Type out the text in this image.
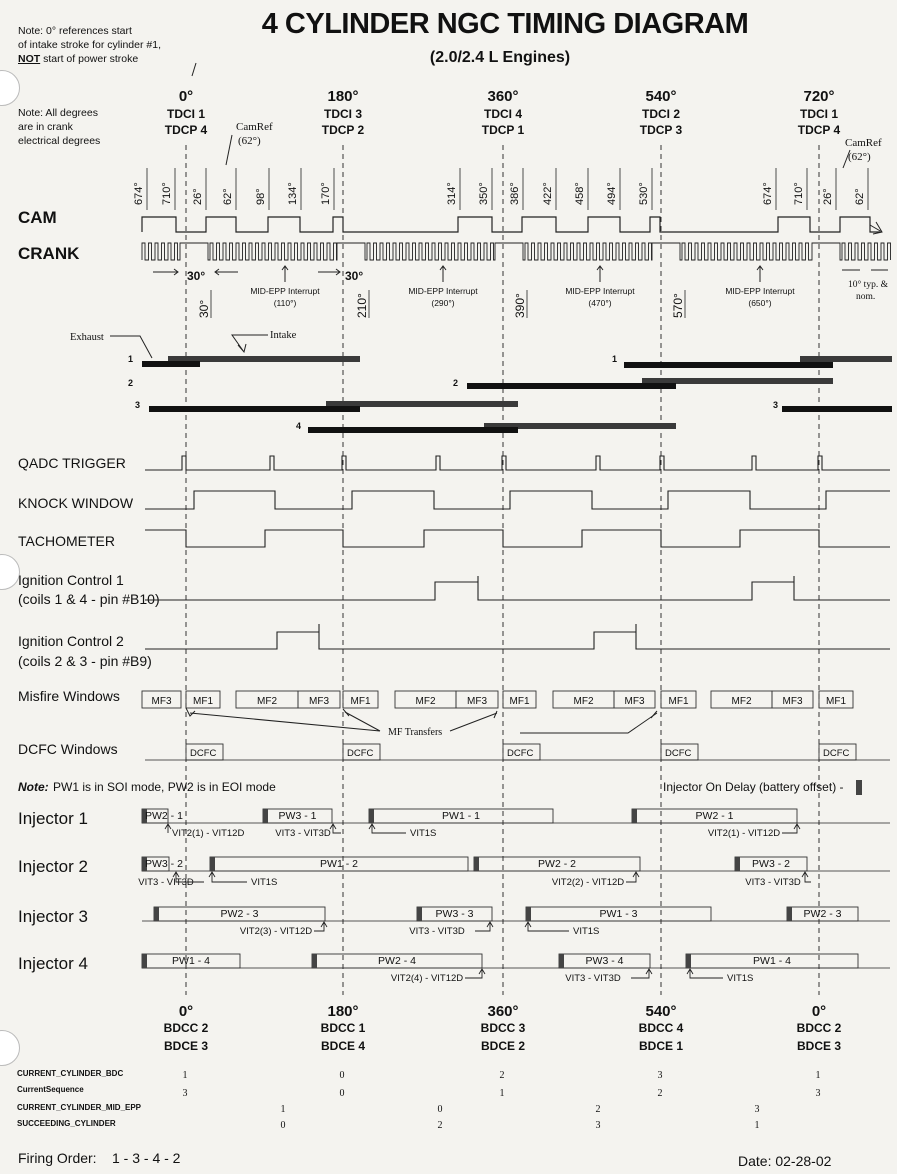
4 CYLINDER NGC TIMING DIAGRAM
(2.0/2.4 L Engines)
Note: 0° references start
of intake stroke for cylinder #1,
NOT start of power stroke
Note: All degrees
are in crank
electrical degrees
0°
TDCI 1
TDCP 4
180°
TDCI 3
TDCP 2
360°
TDCI 4
TDCP 1
540°
TDCI 2
TDCP 3
720°
TDCI 1
TDCP 4
CamRef
(62°)	CamRef
(62°)
674° 710° 26° 62° 98° 134° 170°	314° 350° 386° 422° 458° 494° 530°	674° 710° 26° 62°
CAM
CRANK
30°	30°
30°	210°	390°	570°
MID-EPP Interrupt
(110°)
MID-EPP Interrupt
(290°)
MID-EPP Interrupt
(470°)
MID-EPP Interrupt
(650°)
10° typ. &
nom.
Exhaust	Intake
1
2
3
4
1
2
3
QADC TRIGGER
KNOCK WINDOW
TACHOMETER
Ignition Control 1
(coils 1 & 4 - pin #B10)
Ignition Control 2
(coils 2 & 3 - pin #B9)
Misfire Windows	MF3 MF1	MF2	MF3 MF1	MF2	MF3 MF1	MF2	MF3 MF1	MF2	MF3 MF1
MF Transfers
DCFC Windows	DCFC	DCFC	DCFC	DCFC	DCFC
Note: PW1 is in SOI mode, PW2 is in EOI mode	Injector On Delay (battery offset) -
Injector 1	PW2 - 1	PW3 - 1	PW1 - 1	PW2 - 1
Injector 2	PW3 - 2	PW1 - 2	PW2 - 2	PW3 - 2
Injector 3	PW2 - 3	PW3 - 3	PW1 - 3	PW2 - 3
Injector 4	PW1 - 4	PW2 - 4	PW3 - 4	PW1 - 4
VIT2(1) - VIT12D	VIT3 - VIT3D	VIT1S	VIT2(1) - VIT12D
VIT3 - VIT3D	VIT1S	VIT2(2) - VIT12D	VIT3 - VIT3D
VIT2(3) - VIT12D	VIT3 - VIT3D	VIT1S
VIT2(4) - VIT12D	VIT3 - VIT3D	VIT1S
0°
BDCC 2
BDCE 3
180°
BDCC 1
BDCE 4
360°
BDCC 3
BDCE 2
540°
BDCC 4
BDCE 1
0°
BDCC 2
BDCE 3
CURRENT_CYLINDER_BDC
CurrentSequence
CURRENT_CYLINDER_MID_EPP
SUCCEEDING_CYLINDER
1	0	2	3	1
3	0	1	2	3
1	0	2	3
0	2	3	1
Firing Order: 1 - 3 - 4 - 2	Date: 02-28-02
